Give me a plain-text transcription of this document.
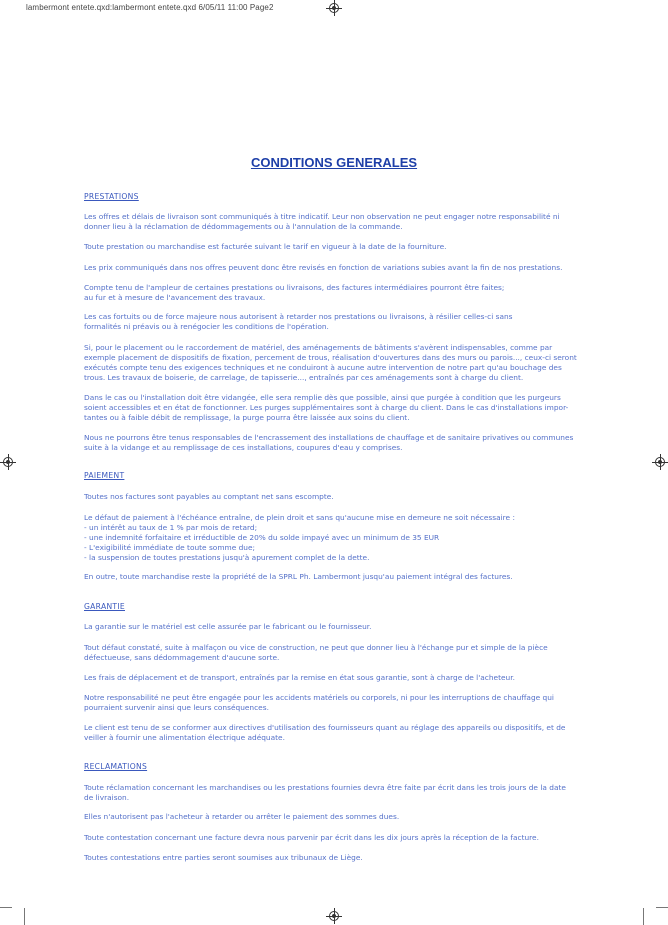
lambermont entete.qxd:lambermont entete.qxd 6/05/11 11:00 Page2
CONDITIONS GENERALES
PRESTATIONS
Les offres et délais de livraison sont communiqués à titre indicatif. Leur non observation ne peut engager notre responsabilité ni
donner lieu à la réclamation de dédommagements ou à l'annulation de la commande.
Toute prestation ou marchandise est facturée suivant le tarif en vigueur à la date de la fourniture.
Les prix communiqués dans nos offres peuvent donc être revisés en fonction de variations subies avant la fin de nos prestations.
Compte tenu de l'ampleur de certaines prestations ou livraisons, des factures intermédiaires pourront être faites;
au fur et à mesure de l'avancement des travaux.
Les cas fortuits ou de force majeure nous autorisent à retarder nos prestations ou livraisons, à résilier celles-ci sans
formalités ni préavis ou à renégocier les conditions de l'opération.
Si, pour le placement ou le raccordement de matériel, des aménagements de bâtiments s'avèrent indispensables, comme par
exemple placement de dispositifs de fixation, percement de trous, réalisation d'ouvertures dans des murs ou parois..., ceux-ci seront
exécutés compte tenu des exigences techniques et ne conduiront à aucune autre intervention de notre part qu'au bouchage des
trous. Les travaux de boiserie, de carrelage, de tapisserie..., entraînés par ces aménagements sont à charge du client.
Dans le cas ou l'installation doit être vidangée, elle sera remplie dès que possible, ainsi que purgée à condition que les purgeurs
soient accessibles et en état de fonctionner. Les purges supplémentaires sont à charge du client. Dans le cas d'installations impor-
tantes ou à faible débit de remplissage, la purge pourra être laissée aux soins du client.
Nous ne pourrons être tenus responsables de l'encrassement des installations de chauffage et de sanitaire privatives ou communes
suite à la vidange et au remplissage de ces installations, coupures d'eau y comprises.
PAIEMENT
Toutes nos factures sont payables au comptant net sans escompte.
Le défaut de paiement à l'échéance entraîne, de plein droit et sans qu'aucune mise en demeure ne soit nécessaire :
- un intérêt au taux de 1 % par mois de retard;
- une indemnité forfaitaire et irréductible de 20% du solde impayé avec un minimum de 35 EUR
- L'exigibilité immédiate de toute somme due;
- la suspension de toutes prestations jusqu'à apurement complet de la dette.
En outre, toute marchandise reste la propriété de la SPRL Ph. Lambermont jusqu'au paiement intégral des factures.
GARANTIE
La garantie sur le matériel est celle assurée par le fabricant ou le fournisseur.
Tout défaut constaté, suite à malfaçon ou vice de construction, ne peut que donner lieu à l'échange pur et simple de la pièce
défectueuse, sans dédommagement d'aucune sorte.
Les frais de déplacement et de transport, entraînés par la remise en état sous garantie, sont à charge de l'acheteur.
Notre responsabilité ne peut être engagée pour les accidents matériels ou corporels, ni pour les interruptions de chauffage qui
pourraient survenir ainsi que leurs conséquences.
Le client est tenu de se conformer aux directives d'utilisation des fournisseurs quant au réglage des appareils ou dispositifs, et de
veiller à fournir une alimentation électrique adéquate.
RECLAMATIONS
Toute réclamation concernant les marchandises ou les prestations fournies devra être faite par écrit dans les trois jours de la date
de livraison.
Elles n'autorisent pas l'acheteur à retarder ou arrêter le paiement des sommes dues.
Toute contestation concernant une facture devra nous parvenir par écrit dans les dix jours après la réception de la facture.
Toutes contestations entre parties seront soumises aux tribunaux de Liège.
